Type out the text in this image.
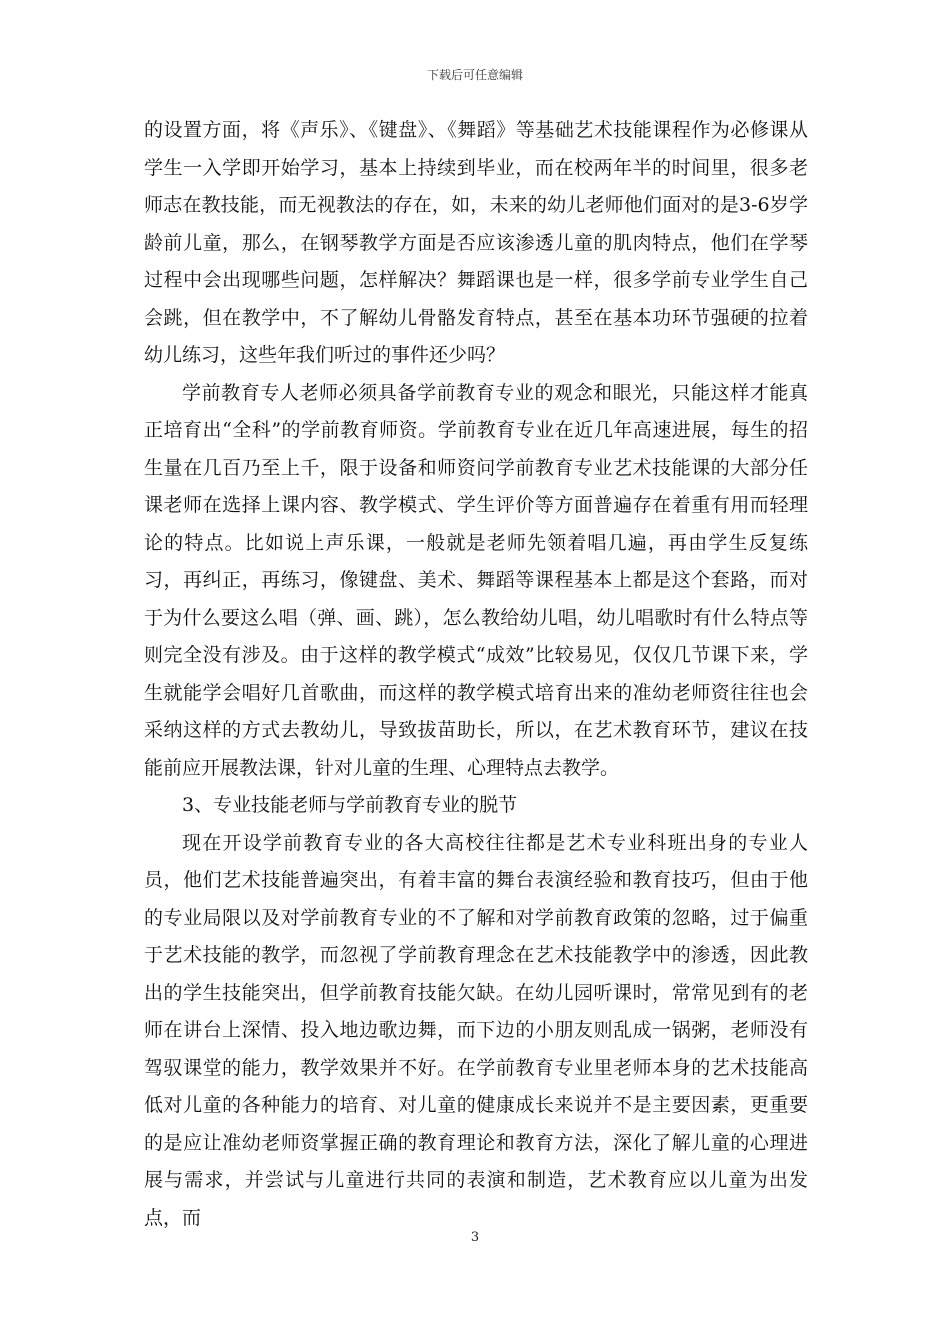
下载后可任意编辑

的设置方面，将《声乐》、《键盘》、《舞蹈》等基础艺术技能课程作为必修课从学生一入学即开始学习，基本上持续到毕业，而在校两年半的时间里，很多老师志在教技能，而无视教法的存在，如，未来的幼儿老师他们面对的是3-6岁学龄前儿童，那么，在钢琴教学方面是否应该渗透儿童的肌肉特点，他们在学琴过程中会出现哪些问题，怎样解决？舞蹈课也是一样，很多学前专业学生自己会跳，但在教学中，不了解幼儿骨骼发育特点，甚至在基本功环节强硬的拉着幼儿练习，这些年我们听过的事件还少吗？

学前教育专人老师必须具备学前教育专业的观念和眼光，只能这样才能真正培育出“全科”的学前教育师资。学前教育专业在近几年高速进展，每生的招生量在几百乃至上千，限于设备和师资问学前教育专业艺术技能课的大部分任课老师在选择上课内容、教学模式、学生评价等方面普遍存在着重有用而轻理论的特点。比如说上声乐课，一般就是老师先领着唱几遍，再由学生反复练习，再纠正，再练习，像键盘、美术、舞蹈等课程基本上都是这个套路，而对于为什么要这么唱（弹、画、跳），怎么教给幼儿唱，幼儿唱歌时有什么特点等则完全没有涉及。由于这样的教学模式“成效”比较易见，仅仅几节课下来，学生就能学会唱好几首歌曲，而这样的教学模式培育出来的准幼老师资往往也会采纳这样的方式去教幼儿，导致拔苗助长，所以，在艺术教育环节，建议在技能前应开展教法课，针对儿童的生理、心理特点去教学。

3、专业技能老师与学前教育专业的脱节

现在开设学前教育专业的各大高校往往都是艺术专业科班出身的专业人员，他们艺术技能普遍突出，有着丰富的舞台表演经验和教育技巧，但由于他的专业局限以及对学前教育专业的不了解和对学前教育政策的忽略，过于偏重于艺术技能的教学，而忽视了学前教育理念在艺术技能教学中的渗透，因此教出的学生技能突出，但学前教育技能欠缺。在幼儿园听课时，常常见到有的老师在讲台上深情、投入地边歌边舞，而下边的小朋友则乱成一锅粥，老师没有驾驭课堂的能力，教学效果并不好。在学前教育专业里老师本身的艺术技能高低对儿童的各种能力的培育、对儿童的健康成长来说并不是主要因素，更重要的是应让准幼老师资掌握正确的教育理论和教育方法，深化了解儿童的心理进展与需求，并尝试与儿童进行共同的表演和制造，艺术教育应以儿童为出发点，而

3
